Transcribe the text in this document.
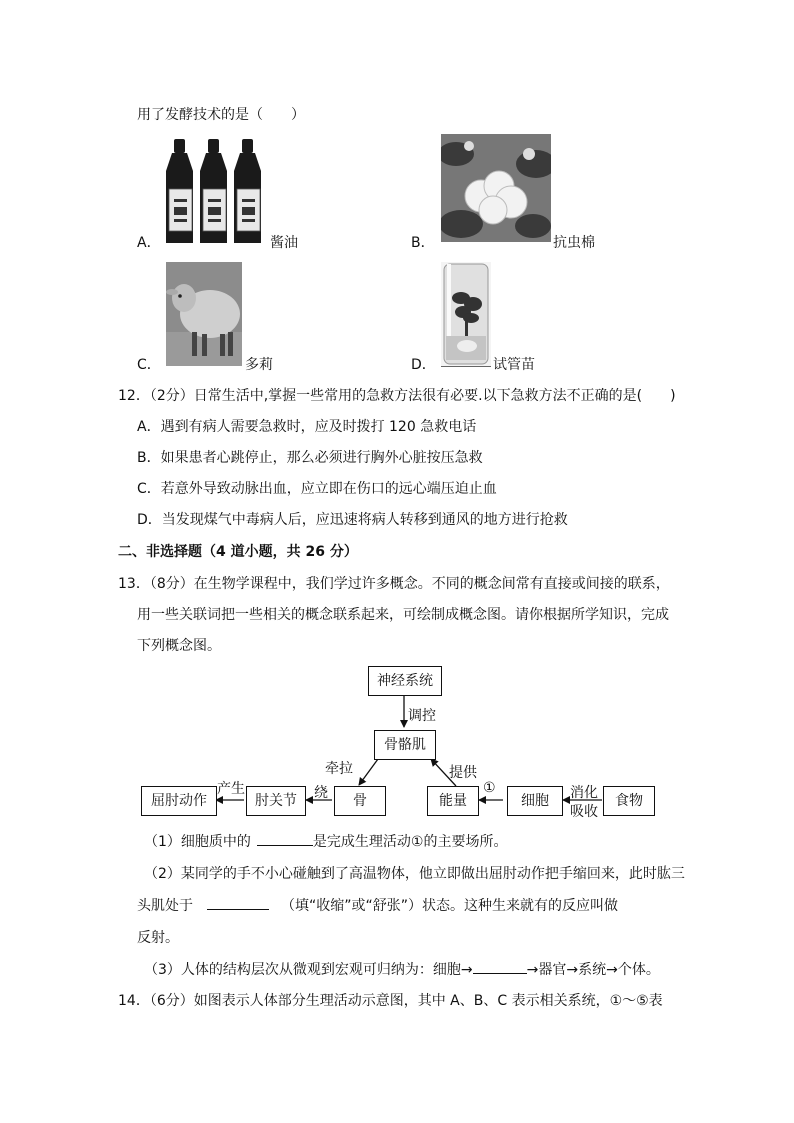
用了发酵技术的是（　　）
A．	酱油	B．	抗虫棉
C．	多莉	D．	试管苗
12．（2分）日常生活中,掌握一些常用的急救方法很有必要.以下急救方法不正确的是(　　)
A．遇到有病人需要急救时，应及时拨打 120 急救电话
B．如果患者心跳停止，那么必须进行胸外心脏按压急救
C．若意外导致动脉出血，应立即在伤口的远心端压迫止血
D．当发现煤气中毒病人后，应迅速将病人转移到通风的地方进行抢救
二、非选择题（4 道小题，共 26 分）
13．（8分）在生物学课程中，我们学过许多概念。不同的概念间常有直接或间接的联系，
用一些关联词把一些相关的概念联系起来，可绘制成概念图。请你根据所学知识，完成
下列概念图。
神经系统
骨骼肌
屈肘动作	肘关节	骨	能量	细胞	食物
调控
牵拉	提供
产生	绕	①	消化
吸收
（1）细胞质中的	是完成生理活动①的主要场所。
（2）某同学的手不小心碰触到了高温物体，他立即做出屈肘动作把手缩回来，此时肱三
头肌处于	（填“收缩”或“舒张”）状态。这种生来就有的反应叫做
反射。
（3）人体的结构层次从微观到宏观可归纳为：细胞→	→器官→系统→个体。
14．（6分）如图表示人体部分生理活动示意图，其中 A、B、C 表示相关系统，①～⑤表
